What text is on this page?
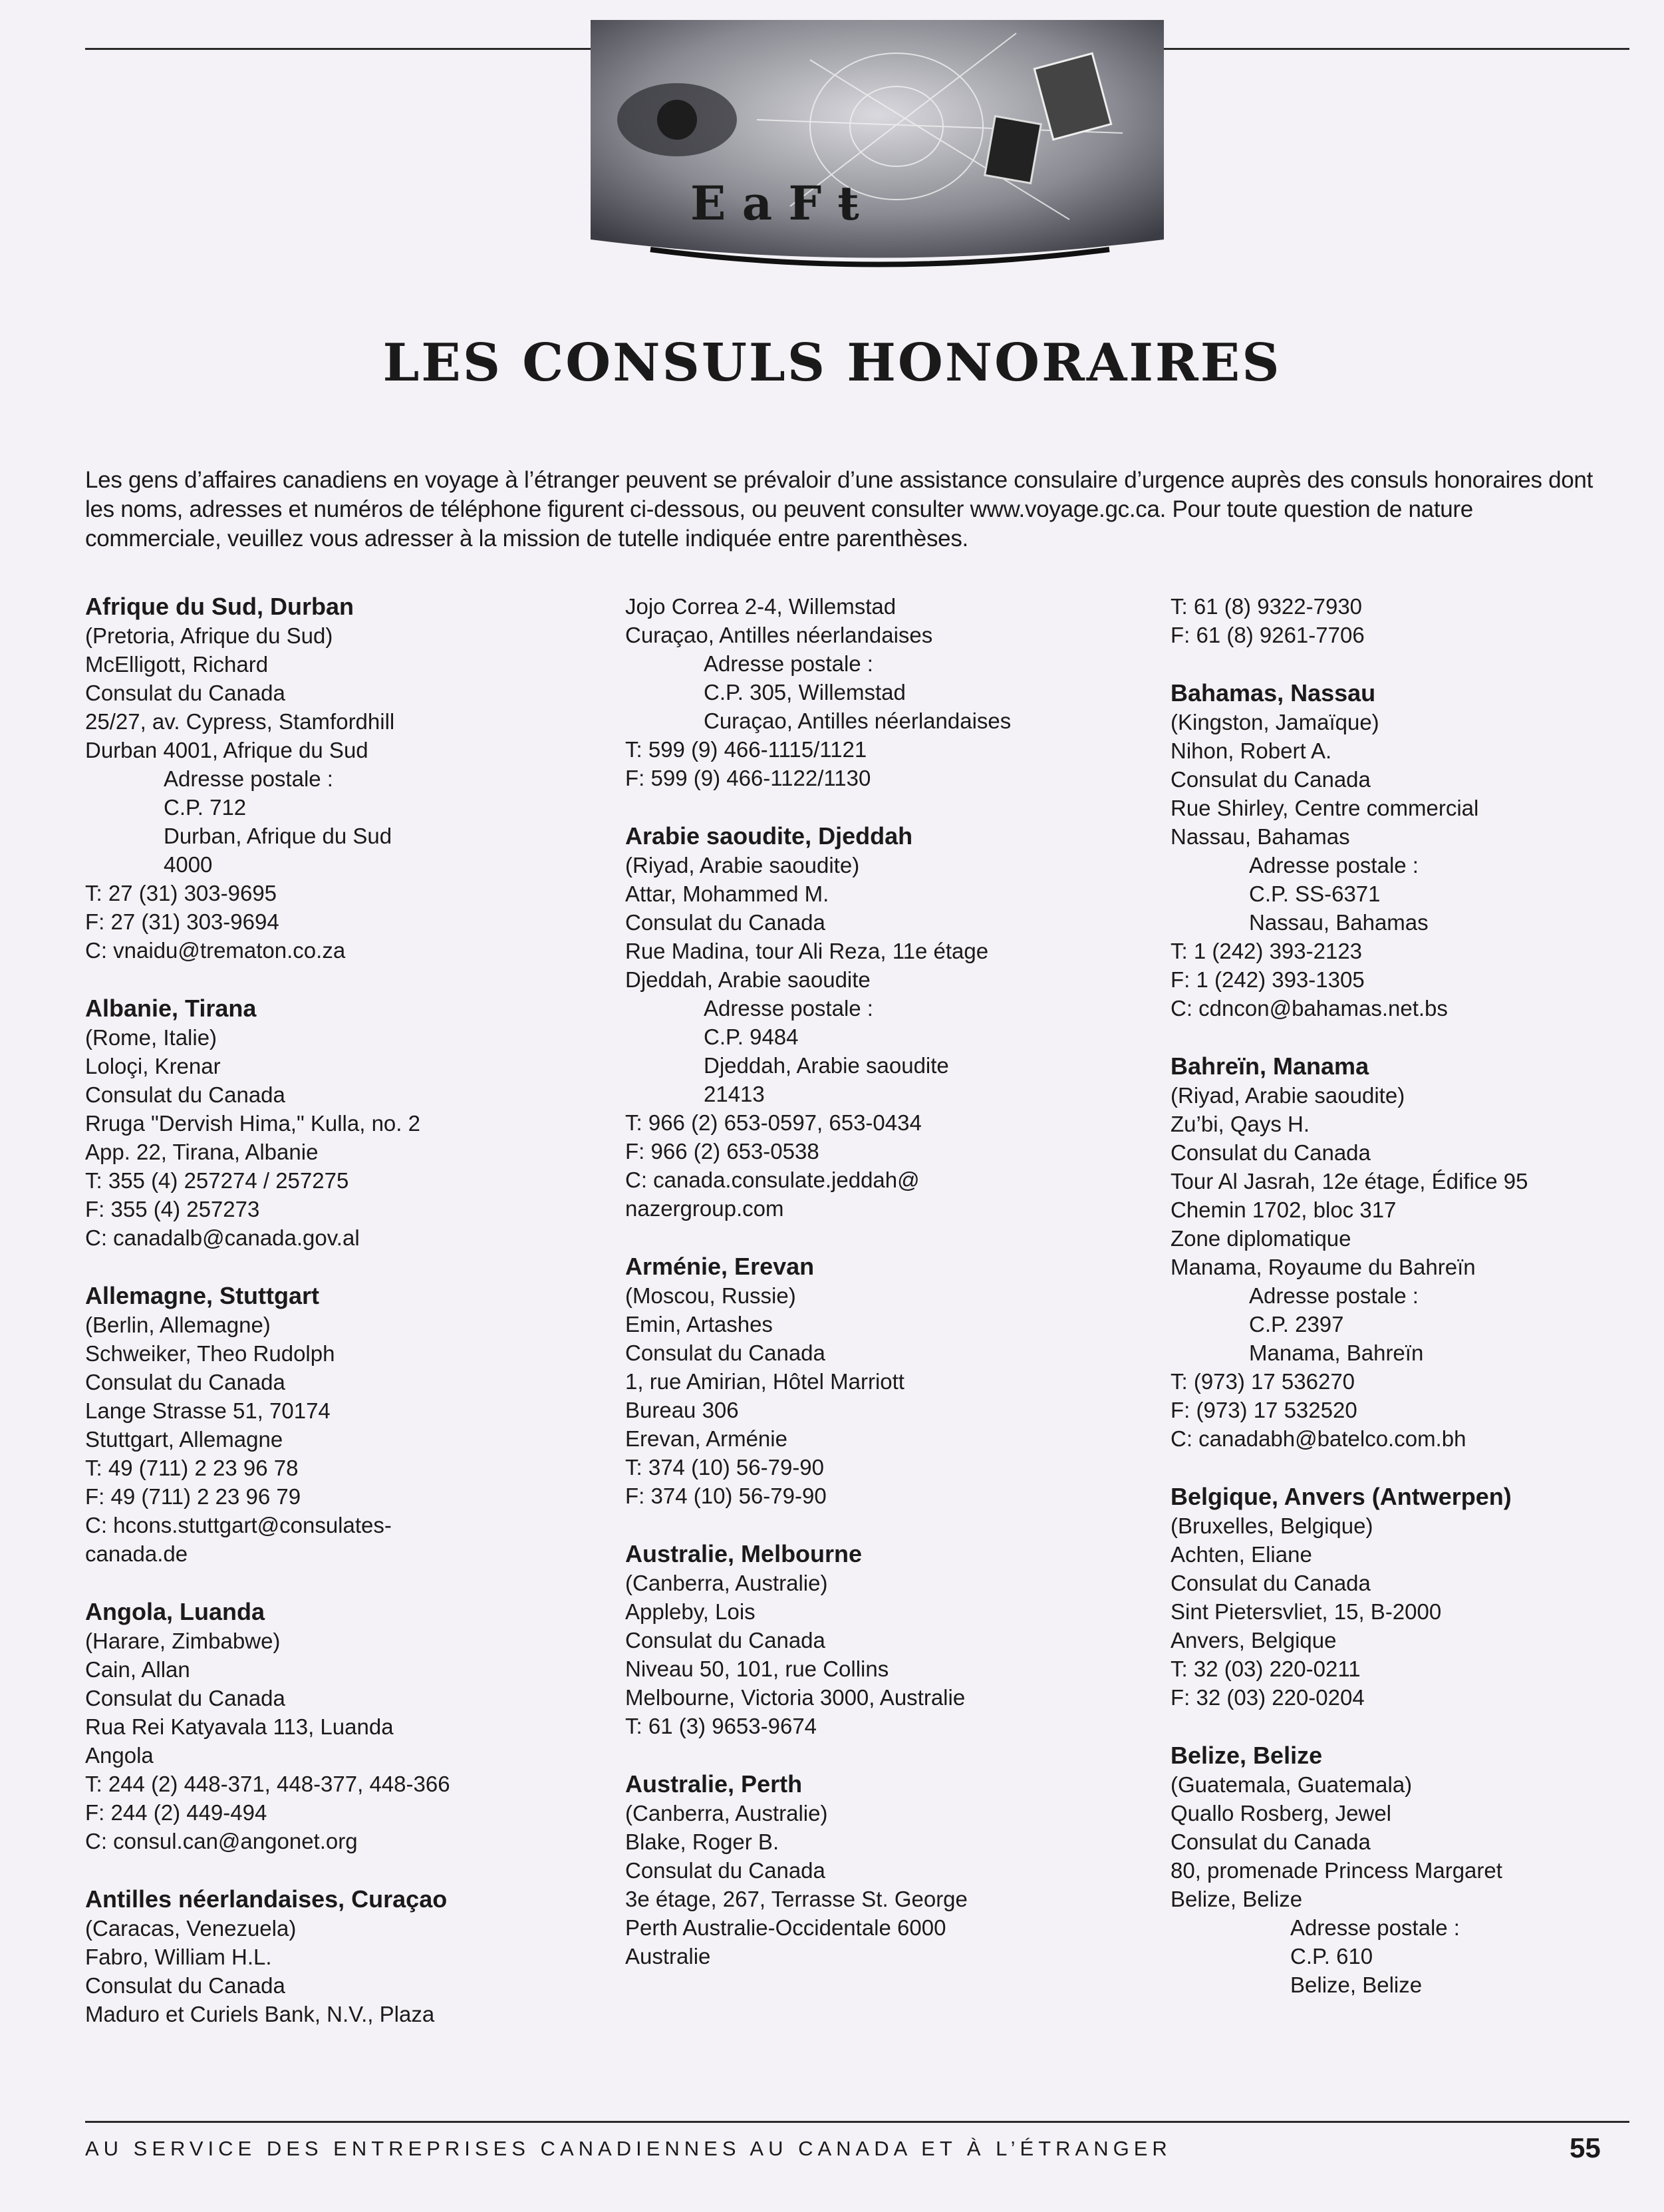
E a F ŧ
LES CONSULS HONORAIRES

Les gens d’affaires canadiens en voyage à l’étranger peuvent se prévaloir d’une assistance consulaire d’urgence auprès des consuls honoraires dont les noms, adresses et numéros de téléphone figurent ci-dessous, ou peuvent consulter www.voyage.gc.ca. Pour toute question de nature commerciale, veuillez vous adresser à la mission de tutelle indiquée entre parenthèses.

Afrique du Sud, Durban
(Pretoria, Afrique du Sud)
McElligott, Richard
Consulat du Canada
25/27, av. Cypress, Stamfordhill
Durban 4001, Afrique du Sud
Adresse postale :
C.P. 712
Durban, Afrique du Sud
4000
T: 27 (31) 303-9695
F: 27 (31) 303-9694
C: vnaidu@trematon.co.za
Albanie, Tirana
(Rome, Italie)
Loloçi, Krenar
Consulat du Canada
Rruga "Dervish Hima," Kulla, no. 2
App. 22, Tirana, Albanie
T: 355 (4) 257274 / 257275
F: 355 (4) 257273
C: canadalb@canada.gov.al
Allemagne, Stuttgart
(Berlin, Allemagne)
Schweiker, Theo Rudolph
Consulat du Canada
Lange Strasse 51, 70174
Stuttgart, Allemagne
T: 49 (711) 2 23 96 78
F: 49 (711) 2 23 96 79
C: hcons.stuttgart@consulates-
canada.de
Angola, Luanda
(Harare, Zimbabwe)
Cain, Allan
Consulat du Canada
Rua Rei Katyavala 113, Luanda
Angola
T: 244 (2) 448-371, 448-377, 448-366
F: 244 (2) 449-494
C: consul.can@angonet.org
Antilles néerlandaises, Curaçao
(Caracas, Venezuela)
Fabro, William H.L.
Consulat du Canada
Maduro et Curiels Bank, N.V., Plaza
Jojo Correa 2-4, Willemstad
Curaçao, Antilles néerlandaises
Adresse postale :
C.P. 305, Willemstad
Curaçao, Antilles néerlandaises
T: 599 (9) 466-1115/1121
F: 599 (9) 466-1122/1130
Arabie saoudite, Djeddah
(Riyad, Arabie saoudite)
Attar, Mohammed M.
Consulat du Canada
Rue Madina, tour Ali Reza, 11e étage
Djeddah, Arabie saoudite
Adresse postale :
C.P. 9484
Djeddah, Arabie saoudite
21413
T: 966 (2) 653-0597, 653-0434
F: 966 (2) 653-0538
C: canada.consulate.jeddah@
nazergroup.com
Arménie, Erevan
(Moscou, Russie)
Emin, Artashes
Consulat du Canada
1, rue Amirian, Hôtel Marriott
Bureau 306
Erevan, Arménie
T: 374 (10) 56-79-90
F: 374 (10) 56-79-90
Australie, Melbourne
(Canberra, Australie)
Appleby, Lois
Consulat du Canada
Niveau 50, 101, rue Collins
Melbourne, Victoria 3000, Australie
T: 61 (3) 9653-9674
Australie, Perth
(Canberra, Australie)
Blake, Roger B.
Consulat du Canada
3e étage, 267, Terrasse St. George
Perth Australie-Occidentale 6000
Australie
T: 61 (8) 9322-7930
F: 61 (8) 9261-7706
Bahamas, Nassau
(Kingston, Jamaïque)
Nihon, Robert A.
Consulat du Canada
Rue Shirley, Centre commercial
Nassau, Bahamas
Adresse postale :
C.P. SS-6371
Nassau, Bahamas
T: 1 (242) 393-2123
F: 1 (242) 393-1305
C: cdncon@bahamas.net.bs
Bahreïn, Manama
(Riyad, Arabie saoudite)
Zu’bi, Qays H.
Consulat du Canada
Tour Al Jasrah, 12e étage, Édifice 95
Chemin 1702, bloc 317
Zone diplomatique
Manama, Royaume du Bahreïn
Adresse postale :
C.P. 2397
Manama, Bahreïn
T: (973) 17 536270
F: (973) 17 532520
C: canadabh@batelco.com.bh
Belgique, Anvers (Antwerpen)
(Bruxelles, Belgique)
Achten, Eliane
Consulat du Canada
Sint Pietersvliet, 15, B-2000
Anvers, Belgique
T: 32 (03) 220-0211
F: 32 (03) 220-0204
Belize, Belize
(Guatemala, Guatemala)
Quallo Rosberg, Jewel
Consulat du Canada
80, promenade Princess Margaret
Belize, Belize
Adresse postale :
C.P. 610
Belize, Belize
AU SERVICE DES ENTREPRISES CANADIENNES AU CANADA ET À L’ÉTRANGER	55
